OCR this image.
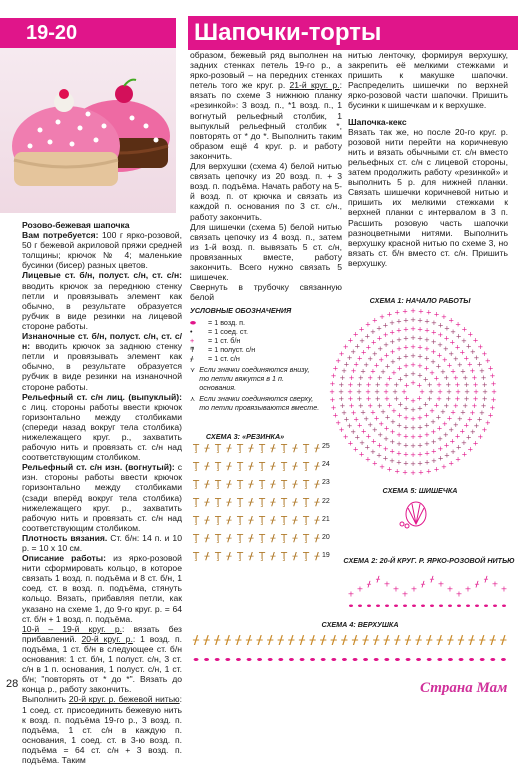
19-20	Шапочки-торты

Розово-бежевая шапочка

Вам потребуется: 100 г ярко-розовой, 50 г бежевой акриловой пряжи средней толщины; крючок № 4; маленькие бусинки (бисер) разных цветов.

Лицевые ст. б/н, полуст. с/н, ст. с/н: вводить крючок за переднюю стенку петли и провязывать элемент как обычно, в результате образуется рубчик в виде резинки на лицевой стороне работы.

Изнаночные ст. б/н, полуст. с/н, ст. с/н: вводить крючок за заднюю стенку петли и провязывать элемент как обычно, в результате образуется рубчик в виде резинки на изнаночной стороне работы.

Рельефный ст. с/н лиц. (выпуклый): с лиц. стороны работы ввести крючок горизонтально между столбиками (спереди назад вокруг тела столбика) нижележащего круг. р., захватить рабочую нить и провязать ст. с/н над соответствующим столбиком.

Рельефный ст. с/н изн. (вогнутый): с изн. стороны работы ввести крючок горизонтально между столбиками (сзади вперёд вокруг тела столбика) нижележащего круг. р., захватить рабочую нить и провязать ст. с/н над соответствующим столбиком.

Плотность вязания. Ст. б/н: 14 п. и 10 р. = 10 х 10 см.

Описание работы: из ярко-розовой нити сформировать кольцо, в которое связать 1 возд. п. подъёма и 8 ст. б/н, 1 соед. ст. в возд. п. подъёма, стянуть кольцо. Вязать, прибавляя петли, как указано на схеме 1, до 9-го круг. р. = 64 ст. б/н + 1 возд. п. подъёма.

10-й – 19-й круг. р.: вязать без прибавлений. 20-й круг. р.: 1 возд. п. подъёма, 1 ст. б/н в следующее ст. б/н основания: 1 ст. б/н, 1 полуст. с/н, 3 ст. с/н в 1 п. основания, 1 полуст. с/н, 1 ст. б/н; "повторять от * до *". Вязать до конца р., работу закончить.

Выполнить 20-й круг. р. бежевой нитью: 1 соед. ст. присоединить бежевую нить к возд. п. подъёма 19-го р., 3 возд. п. подъёма, 1 ст. с/н в каждую п. основания, 1 соед. ст. в 3-ю возд. п. подъёма = 64 ст. с/н + 3 возд. п. подъёма. Таким

образом, бежевый ряд выполнен на задних стенках петель 19-го р., а ярко-розовый – на передних стенках петель того же круг. р. 21-й круг. р.: вязать по схеме 3 нижнюю планку «резинкой»: 3 возд. п., *1 возд. п., 1 вогнутый рельефный столбик, 1 выпуклый рельефный столбик *, повторять от * до *. Выполнить таким образом ещё 4 круг. р. и работу закончить.

Для верхушки (схема 4) белой нитью связать цепочку из 20 возд. п. + 3 возд. п. подъёма. Начать работу на 5-й возд. п. от крючка и связать из каждой п. основания по 3 ст. с/н., работу закончить.

Для шишечки (схема 5) белой нитью связать цепочку из 4 возд. п., затем из 1-й возд. п. вывязать 5 ст. с/н, провязанных вместе, работу закончить. Всего нужно связать 5 шишечек.

Свернуть в трубочку связанную белой

нитью ленточку, формируя верхушку, закрепить её мелкими стежками и пришить к макушке шапочки. Распределить шишечки по верхней ярко-розовой части шапочки. Пришить бусинки к шишечкам и к верхушке.

Шапочка-кекс

Вязать так же, но после 20-го круг. р. розовой нити перейти на коричневую нить и вязать обычными ст. с/н вместо рельефных ст. с/н с лицевой стороны, затем продолжить работу «резинкой» и выполнить 5 р. для нижней планки. Связать шишечки коричневой нитью и пришить их мелкими стежками к верхней планки с интервалом в 3 п. Расшить розовую часть шапочки разноцветными нитями. Выполнить верхушку красной нитью по схеме 3, но вязать ст. б/н вместо ст. с/н. Пришить верхушку.

УСЛОВНЫЕ ОБОЗНАЧЕНИЯ
⬬	= 1 возд. п.
•	= 1 соед. ст.
+	= 1 ст. б/н
ͳ	= 1 полуст. с/н
ᚋ	= 1 ст. с/н
⋎ Если значки соединяются внизу, то петли вяжутся в 1 п. основания.
⋏ Если значки соединяются сверху, то петли провязываются вместе.
СХЕМА 1: НАЧАЛО РАБОТЫ
+
+
+
+
+
+ + +
+
+
+
+
+
+
+
+
+
+
+ + + + +
+
+
+
+
+
+
+
+
+
+
+
+
+
+
+
+
+
+ + + + +
+
+
+
+
+
+
+
+
+
+
+
+
+
+
+
+
+
+
+
+
+
+
+
+
+ + + + + + +
+
+
+
+
+
+
+
+
+
+
+
+
+
+
+
+
+
+
+
+
+
+
+
+
+
+
+
+
+
+
+ + + + + + + + +
+
+
+
+
+
+
+
+
+
+
+
+
+
+
+
+
+
+
+
+
+
+
+
+
+
+
+
+
+
+
+
+
+
+
+
+
+ + + + + + + + + + +
+
+
+
+
+
+
+
+
+
+
+
+
+
+
+
+
+
+
+
+
+
+
+
+
+
+
+
+
+
+
+
+
+
+
+
+
+
+
+
+
+
+
+
+ + + + + + + + + + +
+
+
+
+
+
+
+
+
+
+
+
+
+
+
+
+
+
+
+
+
+
+
+
+
+
+
+
+
+
+
+
+
+
+
+
+
+
+
+
+
+
+
+
+
+
+
+
+
+
+
+ + + + + + + + + + + + +
+
+
+
+
+
+
+
+
+
+
+
+
+
+
+
+
+
+
+
+
+
+
+
+
+
+
+
+
+
+
+
+
+
+
+
+
+
+
+
+
+
+
+
+
+
+
+
+
+
+
+
+
+ + + + + + + + + + +
+
+
+
+
+
+
+
+
+
+
СХЕМА 3: «РЕЗИНКА»
Ţ ᚋ Ţ ᚋ Ţ ᚋ Ţ ᚋ Ţ ᚋ Ţ ᚋ
Ţ ᚋ Ţ ᚋ Ţ ᚋ Ţ ᚋ Ţ ᚋ Ţ ᚋ
Ţ ᚋ Ţ ᚋ Ţ ᚋ Ţ ᚋ Ţ ᚋ Ţ ᚋ
Ţ ᚋ Ţ ᚋ Ţ ᚋ Ţ ᚋ Ţ ᚋ Ţ ᚋ
Ţ ᚋ Ţ ᚋ Ţ ᚋ Ţ ᚋ Ţ ᚋ Ţ ᚋ
Ţ ᚋ Ţ ᚋ Ţ ᚋ Ţ ᚋ Ţ ᚋ Ţ ᚋ
Ţ ᚋ Ţ ᚋ Ţ ᚋ Ţ ᚋ Ţ ᚋ Ţ ᚋ
25
24
23
22
21
20
19
СХЕМА 5: ШИШЕЧКА
СХЕМА 2: 20-Й КРУГ. Р. ЯРКО-РОЗОВОЙ НИТЬЮ
+
⬬
+
⬬
ᚋ
⬬
ᚋ
⬬
+
⬬
+
⬬
+
⬬
+
⬬
ᚋ
⬬
ᚋ
⬬
+
⬬
+
⬬
+
⬬
+
⬬
ᚋ
⬬
ᚋ
⬬
+
⬬
+
⬬
СХЕМА 4: ВЕРХУШКА
ᚋ
⬬
ᚋ
⬬
ᚋ
⬬
ᚋ
⬬
ᚋ
⬬
ᚋ
⬬
ᚋ
⬬
ᚋ
⬬
ᚋ
⬬
ᚋ
⬬
ᚋ
⬬
ᚋ
⬬
ᚋ
⬬
ᚋ
⬬
ᚋ
⬬
ᚋ
⬬
ᚋ
⬬
ᚋ
⬬
ᚋ
⬬
ᚋ
⬬
ᚋ
⬬
ᚋ
⬬
ᚋ
⬬
ᚋ
⬬
ᚋ
⬬
ᚋ
⬬
ᚋ
⬬
ᚋ
⬬
ᚋ
⬬
ᚋ
⬬
28	Страна Мам
